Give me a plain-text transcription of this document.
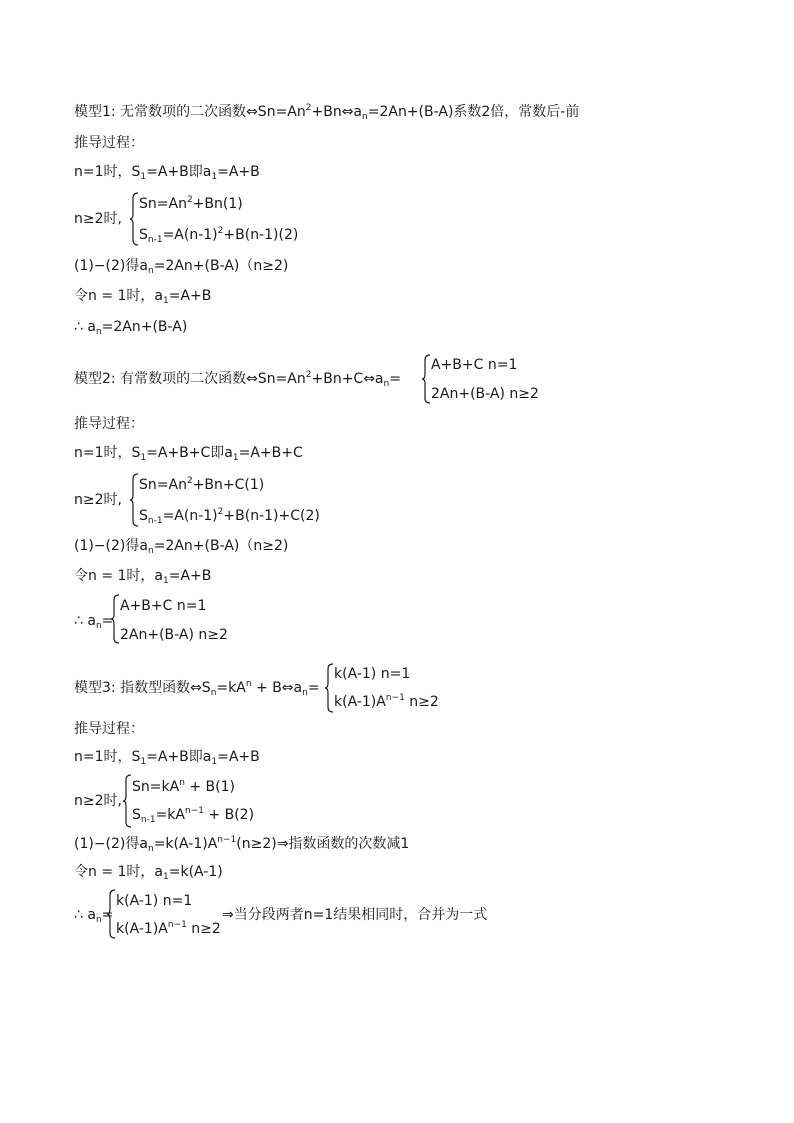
模型1: 无常数项的二次函数$\Leftrightarrow Sn=An^2+Bn\Leftrightarrow a_n=2An+(B-A)$系数2倍，常数后-前
推导过程：
n=1时，$S_1=A+B$即$a_1=A+B$
n≥2时,
$Sn=An^2+Bn(1)$
$S_{n-1}=A(n-1)^2+B(n-1)(2)$
(1)−(2)得$a_n=2An+(B-A)(n\ge 2)$
令n = 1时，$a_1=A+B$
∴ $a_n=2An+(B-A)$
模型2: 有常数项的二次函数$\Leftrightarrow Sn=An^2+Bn+C\Leftrightarrow a_n=$
A+B+C n=1
2An+(B-A) n≥2
推导过程：
n=1时，$S_1=A+B+C$即$a_1=A+B+C$
n≥2时,
$Sn=An^2+Bn+C(1)$
$S_{n-1}=A(n-1)^2+B(n-1)+C(2)$
(1)−(2)得$a_n=2An+(B-A)(n\ge 2)$
令n = 1时，$a_1=A+B$
∴ $a_n=$
A+B+C n=1
2An+(B-A) n≥2
模型3: 指数型函数$\Leftrightarrow S_n=kA^n$ + $B\Leftrightarrow a_n=$
k(A-1) n=1
$k(A-1)A^{n-1}$ n≥2
推导过程：
n=1时，$S_1=A+B$即$a_1=A+B$
n≥2时,
$Sn=kA^n + B(1)$
$S_{n-1}=kA^{n-1} + B(2)$
(1)−(2)得$a_n=k(A-1)A^{n-1}(n\ge 2)\Rightarrow$指数函数的次数减1
令n = 1时，$a_1=k(A-1)$
∴ $a_n=$
k(A-1) n=1
$k(A-1)A^{n-1}$ n≥2
⇒当分段两者n=1结果相同时，合并为一式
